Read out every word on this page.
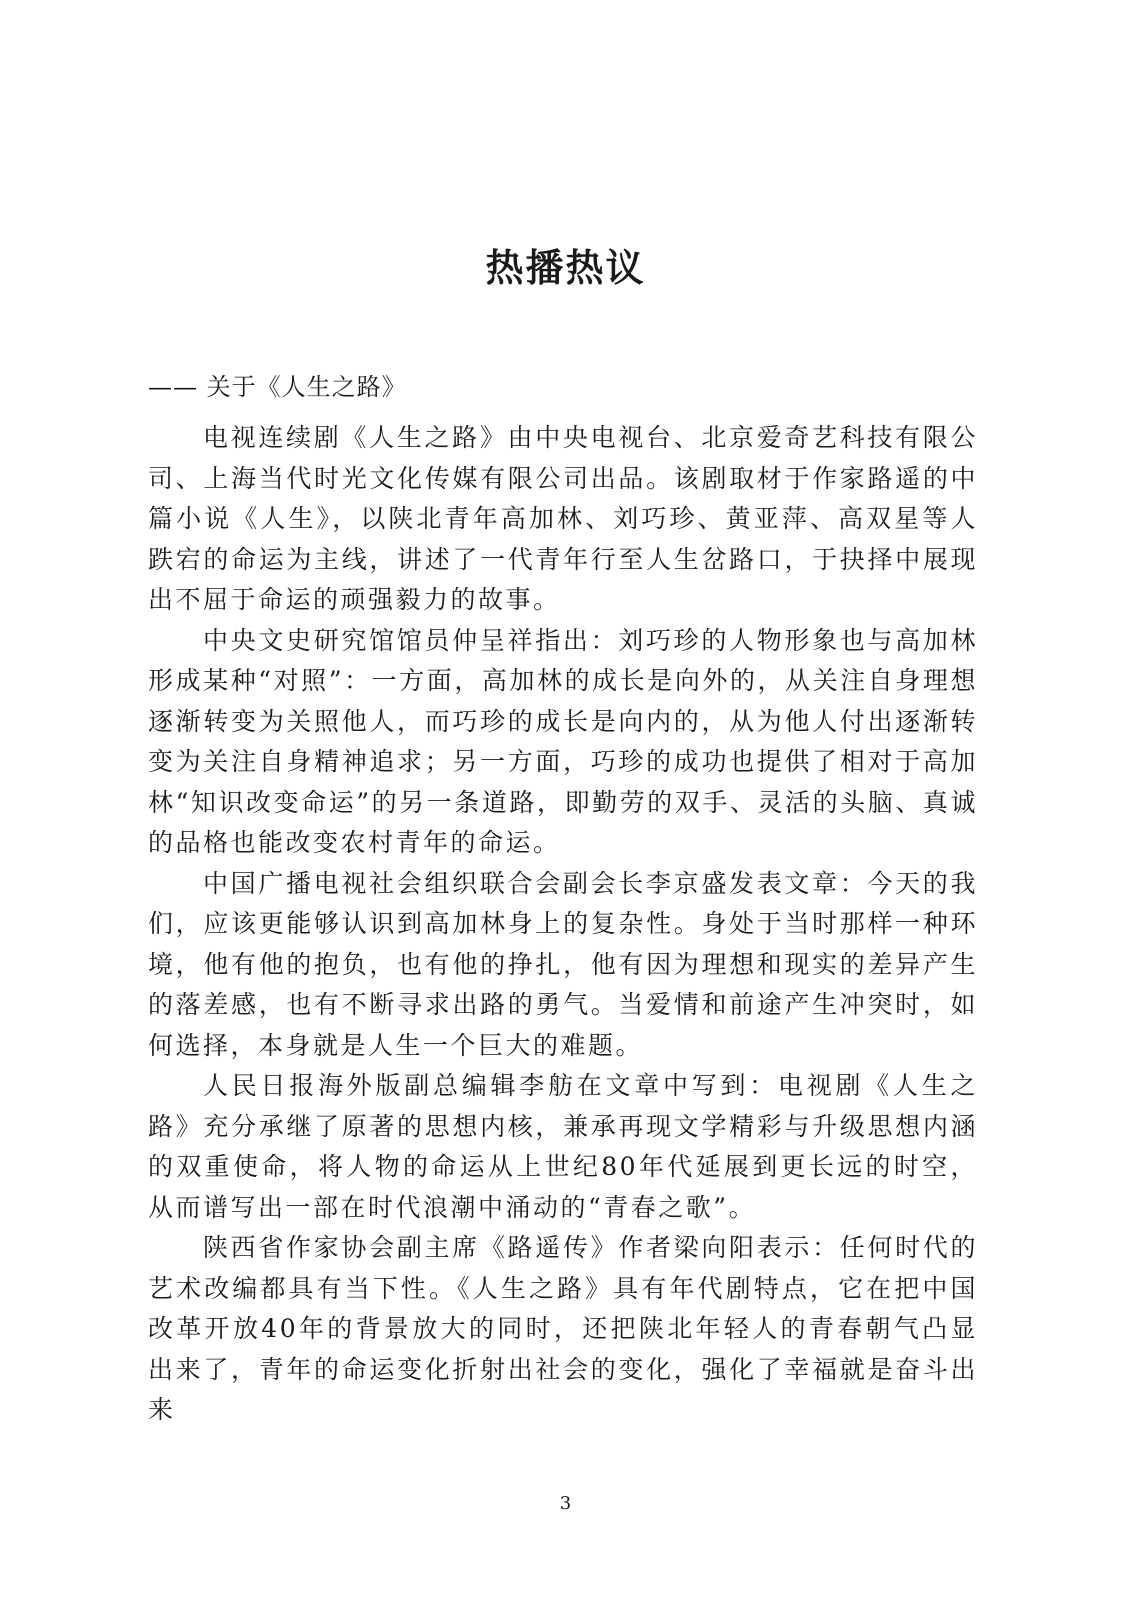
热播热议

—— 关于《人生之路》

电视连续剧《人生之路》由中央电视台、北京爱奇艺科技有限公司、上海当代时光文化传媒有限公司出品。该剧取材于作家路遥的中篇小说《人生》，以陕北青年高加林、刘巧珍、黄亚萍、高双星等人跌宕的命运为主线，讲述了一代青年行至人生岔路口，于抉择中展现出不屈于命运的顽强毅力的故事。

中央文史研究馆馆员仲呈祥指出：刘巧珍的人物形象也与高加林形成某种“对照”：一方面，高加林的成长是向外的，从关注自身理想逐渐转变为关照他人，而巧珍的成长是向内的，从为他人付出逐渐转变为关注自身精神追求；另一方面，巧珍的成功也提供了相对于高加林“知识改变命运”的另一条道路，即勤劳的双手、灵活的头脑、真诚的品格也能改变农村青年的命运。

中国广播电视社会组织联合会副会长李京盛发表文章：今天的我们，应该更能够认识到高加林身上的复杂性。身处于当时那样一种环境，他有他的抱负，也有他的挣扎，他有因为理想和现实的差异产生的落差感，也有不断寻求出路的勇气。当爱情和前途产生冲突时，如何选择，本身就是人生一个巨大的难题。

人民日报海外版副总编辑李舫在文章中写到：电视剧《人生之路》充分承继了原著的思想内核，兼承再现文学精彩与升级思想内涵的双重使命，将人物的命运从上世纪80年代延展到更长远的时空，从而谱写出一部在时代浪潮中涌动的“青春之歌”。

陕西省作家协会副主席《路遥传》作者梁向阳表示：任何时代的艺术改编都具有当下性。《人生之路》具有年代剧特点，它在把中国改革开放40年的背景放大的同时，还把陕北年轻人的青春朝气凸显出来了，青年的命运变化折射出社会的变化，强化了幸福就是奋斗出来

3
